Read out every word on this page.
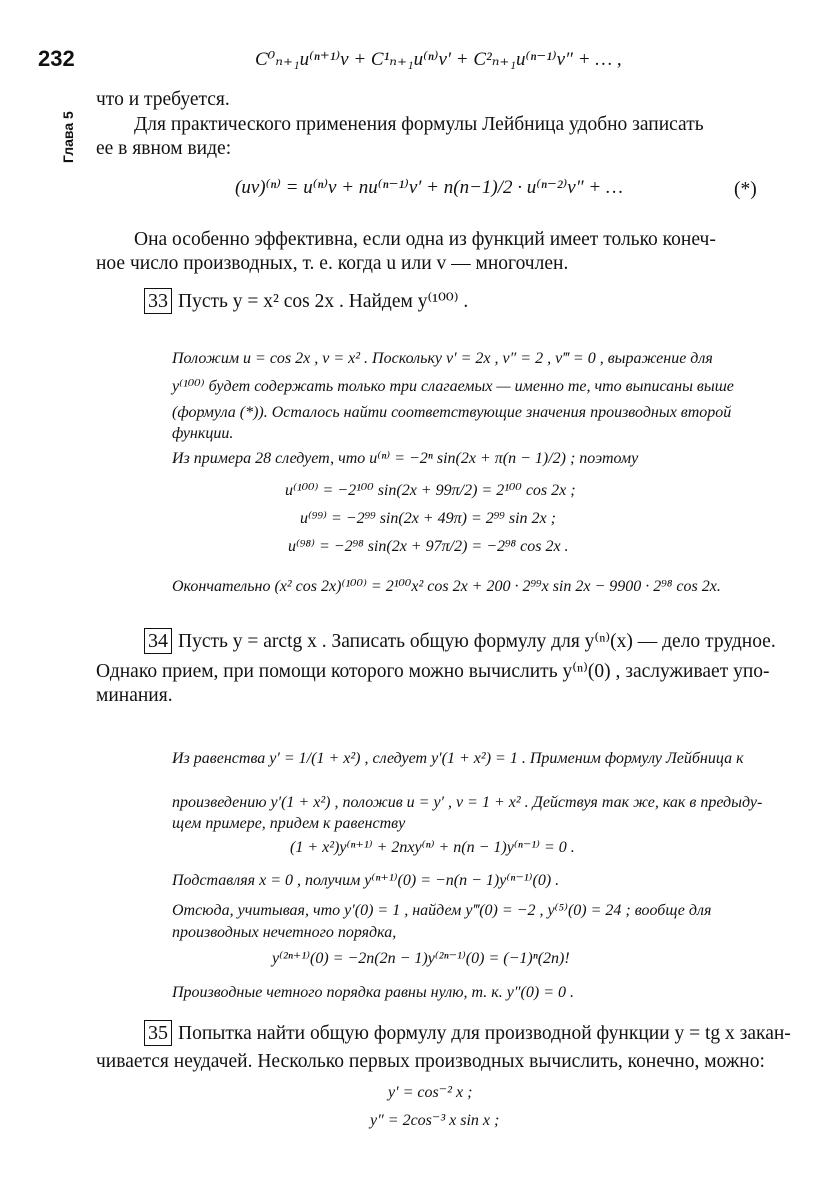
232
Глава 5
C⁰ₙ₊₁u⁽ⁿ⁺¹⁾v + C¹ₙ₊₁u⁽ⁿ⁾v′ + C²ₙ₊₁u⁽ⁿ⁻¹⁾v″ + … ,
что и требуется.
Для практического применения формулы Лейбница удобно записать
ее в явном виде:
(uv)⁽ⁿ⁾ = u⁽ⁿ⁾v + nu⁽ⁿ⁻¹⁾v′ + n(n−1)/2 · u⁽ⁿ⁻²⁾v″ + …	(*)
Она особенно эффективна, если одна из функций имеет только конеч-
ное число производных, т. е. когда u или v — многочлен.
33 Пусть y = x² cos 2x . Найдем y⁽¹⁰⁰⁾ .
Положим u = cos 2x , v = x² . Поскольку v′ = 2x , v″ = 2 , v‴ = 0 , выражение для
y⁽¹⁰⁰⁾ будет содержать только три слагаемых — именно те, что выписаны выше
(формула (*)). Осталось найти соответствующие значения производных второй
функции.
Из примера 28 следует, что u⁽ⁿ⁾ = −2ⁿ sin(2x + π(n − 1)/2) ; поэтому
u⁽¹⁰⁰⁾ = −2¹⁰⁰ sin(2x + 99π/2) = 2¹⁰⁰ cos 2x ;
u⁽⁹⁹⁾ = −2⁹⁹ sin(2x + 49π) = 2⁹⁹ sin 2x ;
u⁽⁹⁸⁾ = −2⁹⁸ sin(2x + 97π/2) = −2⁹⁸ cos 2x .
Окончательно (x² cos 2x)⁽¹⁰⁰⁾ = 2¹⁰⁰x² cos 2x + 200 · 2⁹⁹x sin 2x − 9900 · 2⁹⁸ cos 2x.
34 Пусть y = arctg x . Записать общую формулу для y⁽ⁿ⁾(x) — дело трудное.
Однако прием, при помощи которого можно вычислить y⁽ⁿ⁾(0) , заслуживает упо-
минания.
Из равенства y′ = 1/(1 + x²) , следует y′(1 + x²) = 1 . Применим формулу Лейбница к
произведению y′(1 + x²) , положив u = y′ , v = 1 + x² . Действуя так же, как в предыду-
щем примере, придем к равенству
(1 + x²)y⁽ⁿ⁺¹⁾ + 2nxy⁽ⁿ⁾ + n(n − 1)y⁽ⁿ⁻¹⁾ = 0 .
Подставляя x = 0 , получим y⁽ⁿ⁺¹⁾(0) = −n(n − 1)y⁽ⁿ⁻¹⁾(0) .
Отсюда, учитывая, что y′(0) = 1 , найдем y‴(0) = −2 , y⁽⁵⁾(0) = 24 ; вообще для
производных нечетного порядка,
y⁽²ⁿ⁺¹⁾(0) = −2n(2n − 1)y⁽²ⁿ⁻¹⁾(0) = (−1)ⁿ(2n)!
Производные четного порядка равны нулю, т. к. y″(0) = 0 .
35 Попытка найти общую формулу для производной функции y = tg x закан-
чивается неудачей. Несколько первых производных вычислить, конечно, можно:
y′ = cos⁻² x ;
y″ = 2cos⁻³ x sin x ;
